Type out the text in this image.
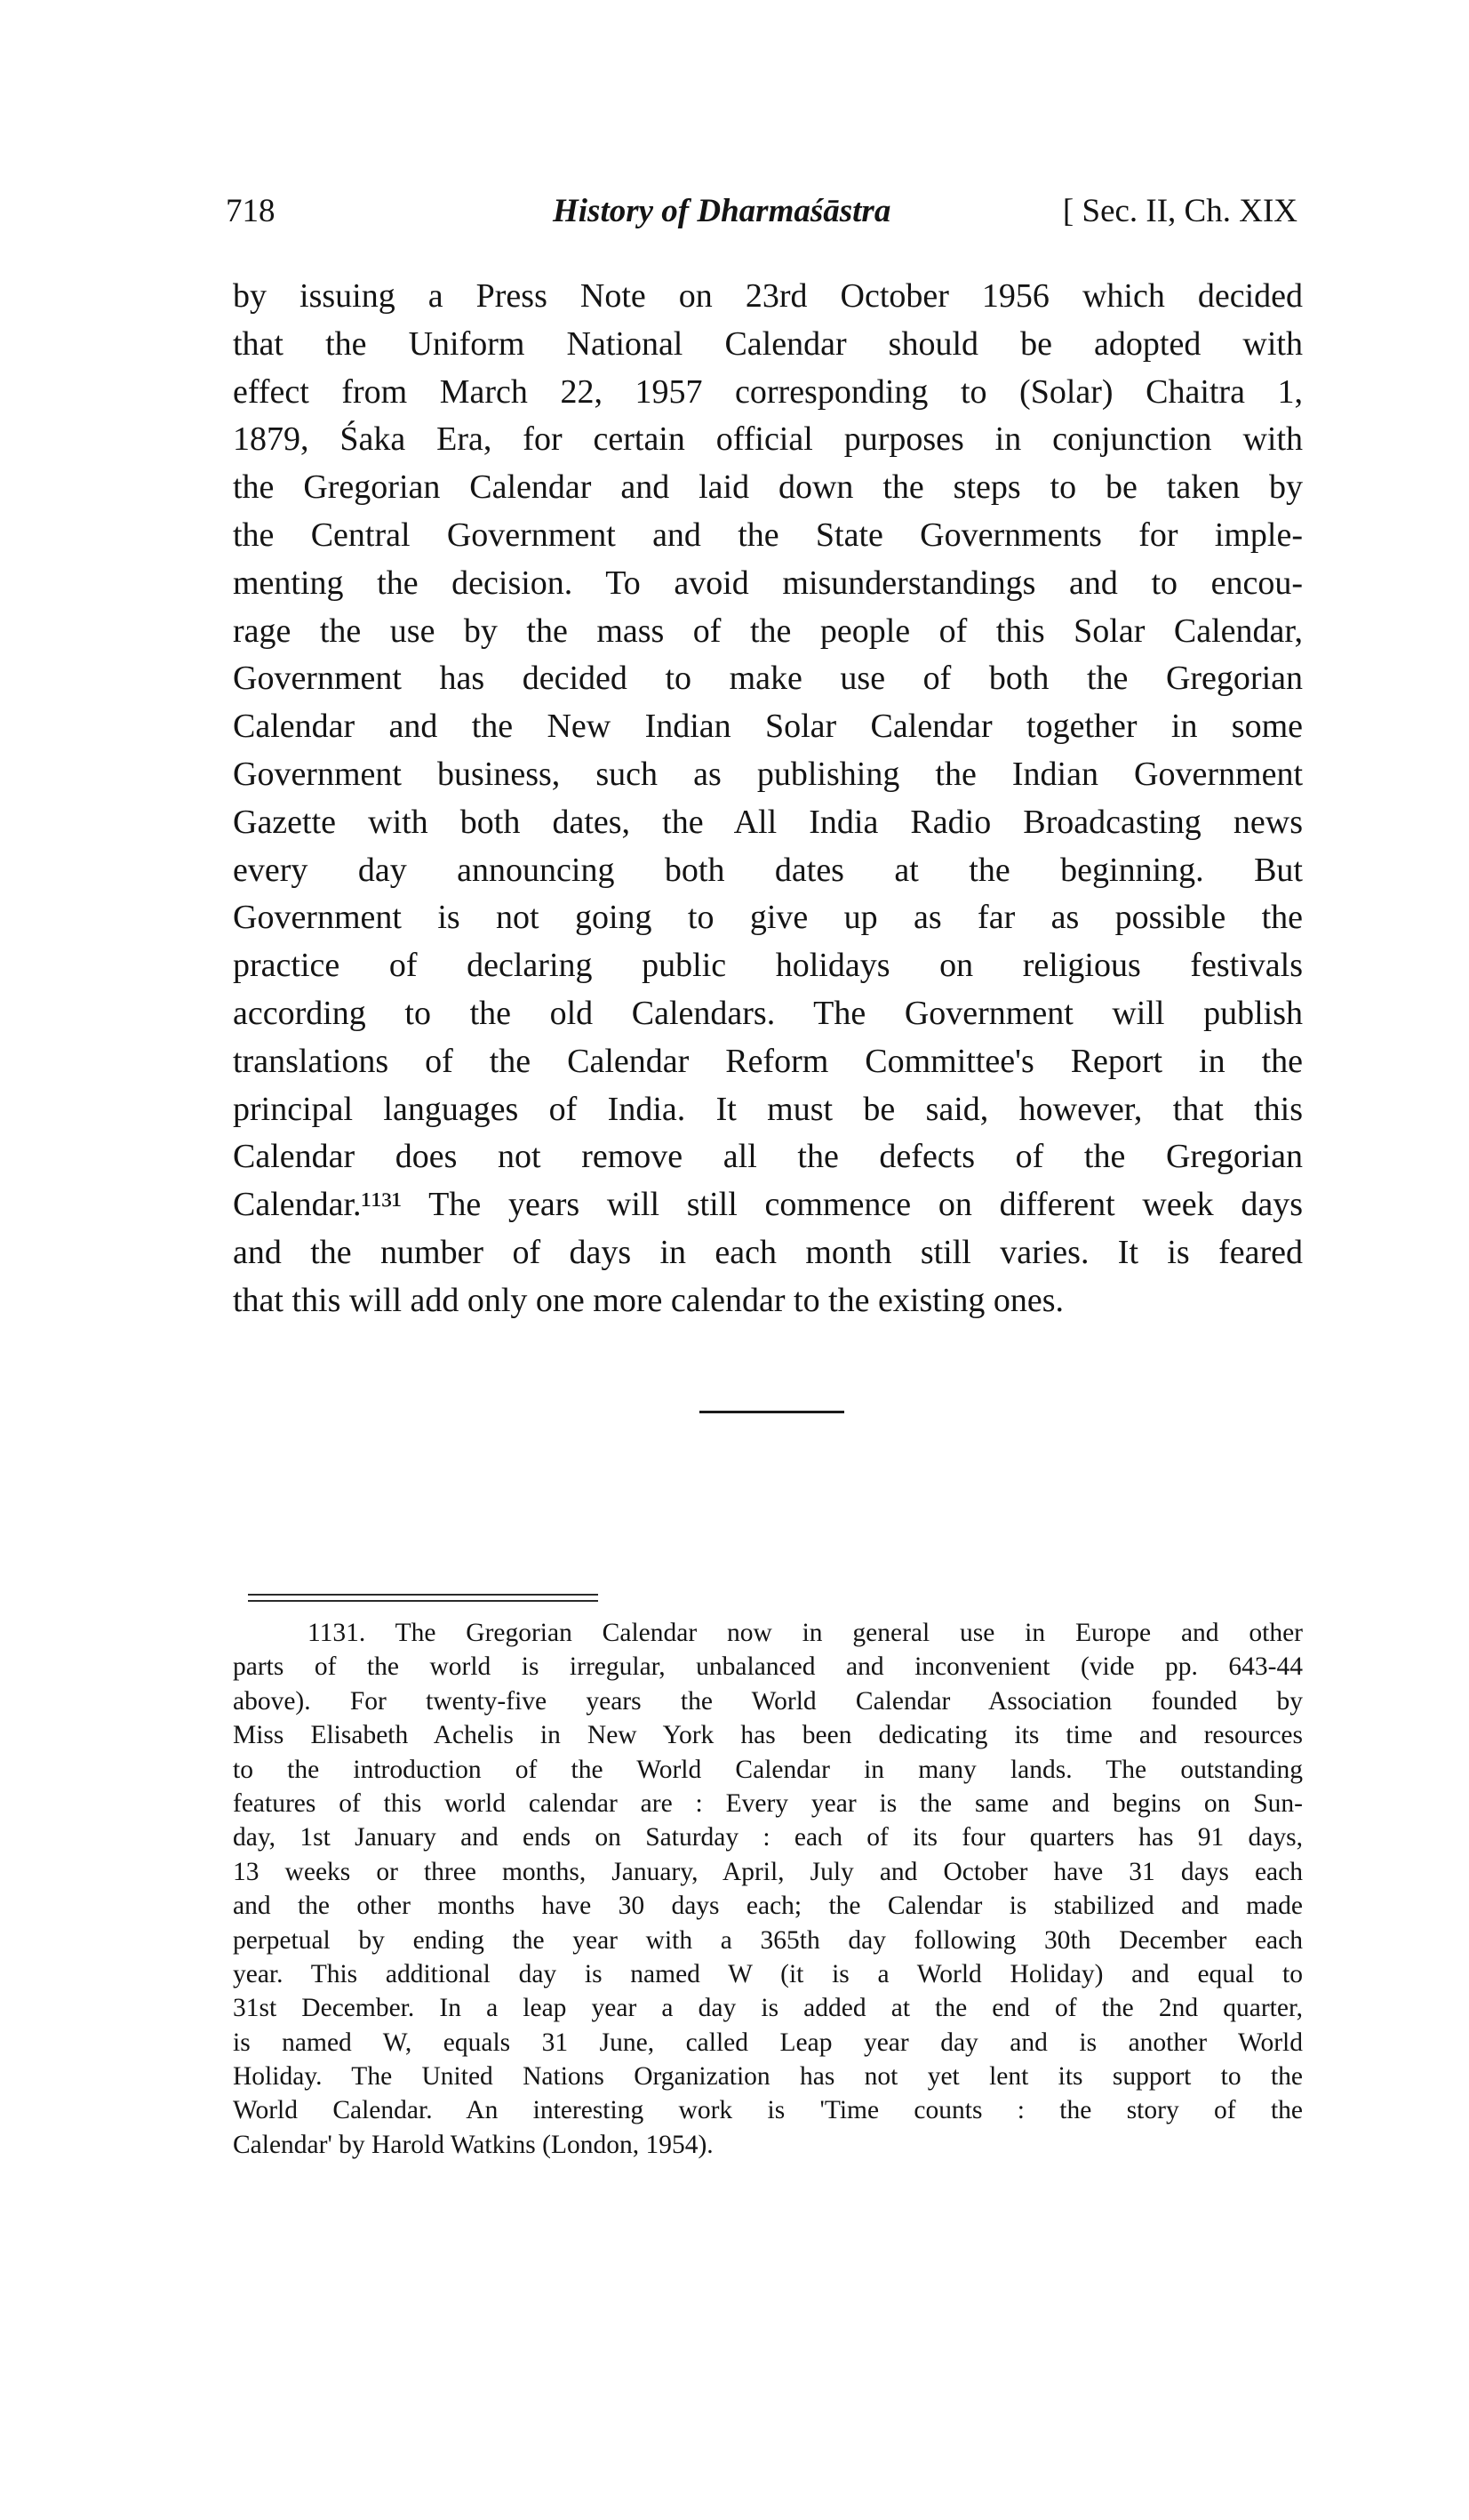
718	History of Dharmaśāstra	[ Sec. II, Ch. XIX
by issuing a Press Note on 23rd October 1956 which decided
that the Uniform National Calendar should be adopted with
effect from March 22, 1957 corresponding to (Solar) Chaitra 1,
1879, Śaka Era, for certain official purposes in conjunction with
the Gregorian Calendar and laid down the steps to be taken by
the Central Government and the State Governments for imple-
menting the decision. To avoid misunderstandings and to encou-
rage the use by the mass of the people of this Solar Calendar,
Government has decided to make use of both the Gregorian
Calendar and the New Indian Solar Calendar together in some
Government business, such as publishing the Indian Government
Gazette with both dates, the All India Radio Broadcasting news
every day announcing both dates at the beginning. But
Government is not going to give up as far as possible the
practice of declaring public holidays on religious festivals
according to the old Calendars. The Government will publish
translations of the Calendar Reform Committee's Report in the
principal languages of India. It must be said, however, that this
Calendar does not remove all the defects of the Gregorian
Calendar.¹¹³¹ The years will still commence on different week days
and the number of days in each month still varies. It is feared
that this will add only one more calendar to the existing ones.
1131. The Gregorian Calendar now in general use in Europe and other
parts of the world is irregular, unbalanced and inconvenient (vide pp. 643-44
above). For twenty-five years the World Calendar Association founded by
Miss Elisabeth Achelis in New York has been dedicating its time and resources
to the introduction of the World Calendar in many lands. The outstanding
features of this world calendar are : Every year is the same and begins on Sun-
day, 1st January and ends on Saturday : each of its four quarters has 91 days,
13 weeks or three months, January, April, July and October have 31 days each
and the other months have 30 days each; the Calendar is stabilized and made
perpetual by ending the year with a 365th day following 30th December each
year. This additional day is named W (it is a World Holiday) and equal to
31st December. In a leap year a day is added at the end of the 2nd quarter,
is named W, equals 31 June, called Leap year day and is another World
Holiday. The United Nations Organization has not yet lent its support to the
World Calendar. An interesting work is 'Time counts : the story of the
Calendar' by Harold Watkins (London, 1954).
